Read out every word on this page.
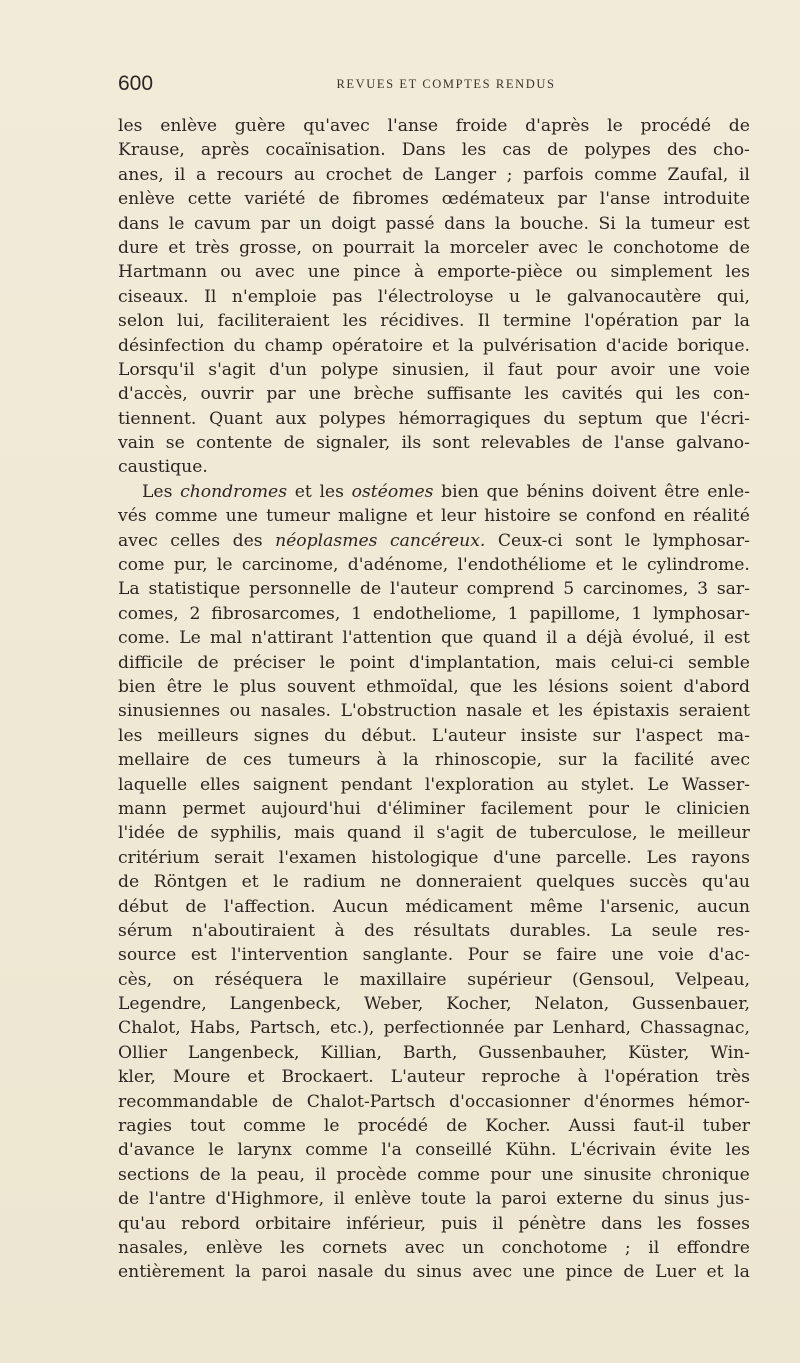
600	REVUES ET COMPTES RENDUS
les enlève guère qu'avec l'anse froide d'après le procédé de
Krause, après cocaïnisation. Dans les cas de polypes des cho-
anes, il a recours au crochet de Langer ; parfois comme Zaufal, il
enlève cette variété de fibromes œdémateux par l'anse introduite
dans le cavum par un doigt passé dans la bouche. Si la tumeur est
dure et très grosse, on pourrait la morceler avec le conchotome de
Hartmann ou avec une pince à emporte-pièce ou simplement les
ciseaux. Il n'emploie pas l'électroloyse u le galvanocautère qui,
selon lui, faciliteraient les récidives. Il termine l'opération par la
désinfection du champ opératoire et la pulvérisation d'acide borique.
Lorsqu'il s'agit d'un polype sinusien, il faut pour avoir une voie
d'accès, ouvrir par une brèche suffisante les cavités qui les con-
tiennent. Quant aux polypes hémorragiques du septum que l'écri-
vain se contente de signaler, ils sont relevables de l'anse galvano-
caustique.
Les chondromes et les ostéomes bien que bénins doivent être enle-
vés comme une tumeur maligne et leur histoire se confond en réalité
avec celles des néoplasmes cancéreux. Ceux-ci sont le lymphosar-
come pur, le carcinome, d'adénome, l'endothéliome et le cylindrome.
La statistique personnelle de l'auteur comprend 5 carcinomes, 3 sar-
comes, 2 fibrosarcomes, 1 endotheliome, 1 papillome, 1 lymphosar-
come. Le mal n'attirant l'attention que quand il a déjà évolué, il est
difficile de préciser le point d'implantation, mais celui-ci semble
bien être le plus souvent ethmoïdal, que les lésions soient d'abord
sinusiennes ou nasales. L'obstruction nasale et les épistaxis seraient
les meilleurs signes du début. L'auteur insiste sur l'aspect ma-
mellaire de ces tumeurs à la rhinoscopie, sur la facilité avec
laquelle elles saignent pendant l'exploration au stylet. Le Wasser-
mann permet aujourd'hui d'éliminer facilement pour le clinicien
l'idée de syphilis, mais quand il s'agit de tuberculose, le meilleur
critérium serait l'examen histologique d'une parcelle. Les rayons
de Röntgen et le radium ne donneraient quelques succès qu'au
début de l'affection. Aucun médicament même l'arsenic, aucun
sérum n'aboutiraient à des résultats durables. La seule res-
source est l'intervention sanglante. Pour se faire une voie d'ac-
cès, on réséquera le maxillaire supérieur (Gensoul, Velpeau,
Legendre, Langenbeck, Weber, Kocher, Nelaton, Gussenbauer,
Chalot, Habs, Partsch, etc.), perfectionnée par Lenhard, Chassagnac,
Ollier Langenbeck, Killian, Barth, Gussenbauher, Küster, Win-
kler, Moure et Brockaert. L'auteur reproche à l'opération très
recommandable de Chalot-Partsch d'occasionner d'énormes hémor-
ragies tout comme le procédé de Kocher. Aussi faut-il tuber
d'avance le larynx comme l'a conseillé Kühn. L'écrivain évite les
sections de la peau, il procède comme pour une sinusite chronique
de l'antre d'Highmore, il enlève toute la paroi externe du sinus jus-
qu'au rebord orbitaire inférieur, puis il pénètre dans les fosses
nasales, enlève les cornets avec un conchotome ; il effondre
entièrement la paroi nasale du sinus avec une pince de Luer et la
